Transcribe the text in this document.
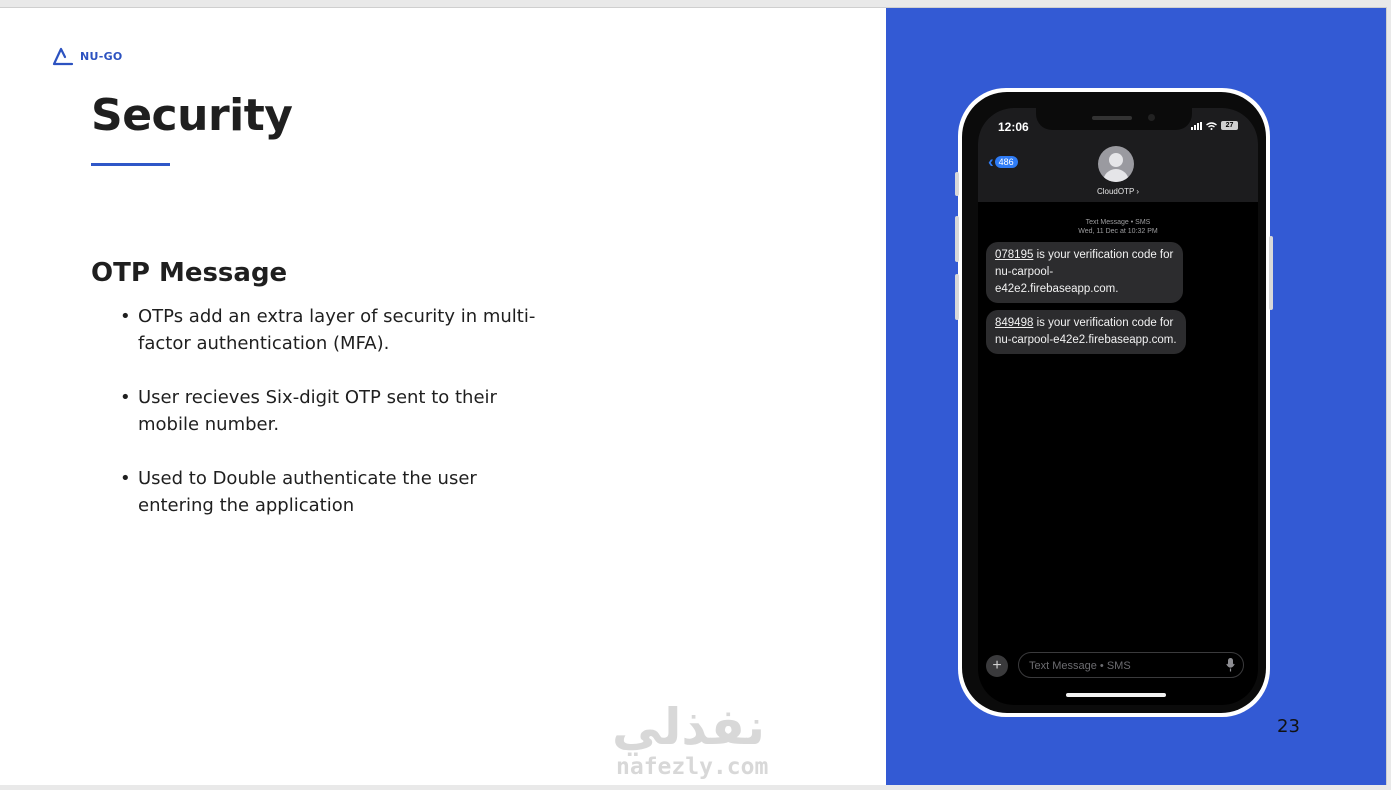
NU-GO
Security
OTP Message
• OTPs add an extra layer of security in multi-factor authentication (MFA).
• User recieves Six-digit OTP sent to their mobile number.
• Used to Double authenticate the user entering the application
نفذلي
nafezly.com
12:06	27
‹ 486
CloudOTP ›
Text Message • SMS
Wed, 11 Dec at 10:32 PM
078195 is your verification code for nu-carpool-e42e2.firebaseapp.com.
849498 is your verification code for nu-carpool-e42e2.firebaseapp.com.
+	Text Message • SMS
23
